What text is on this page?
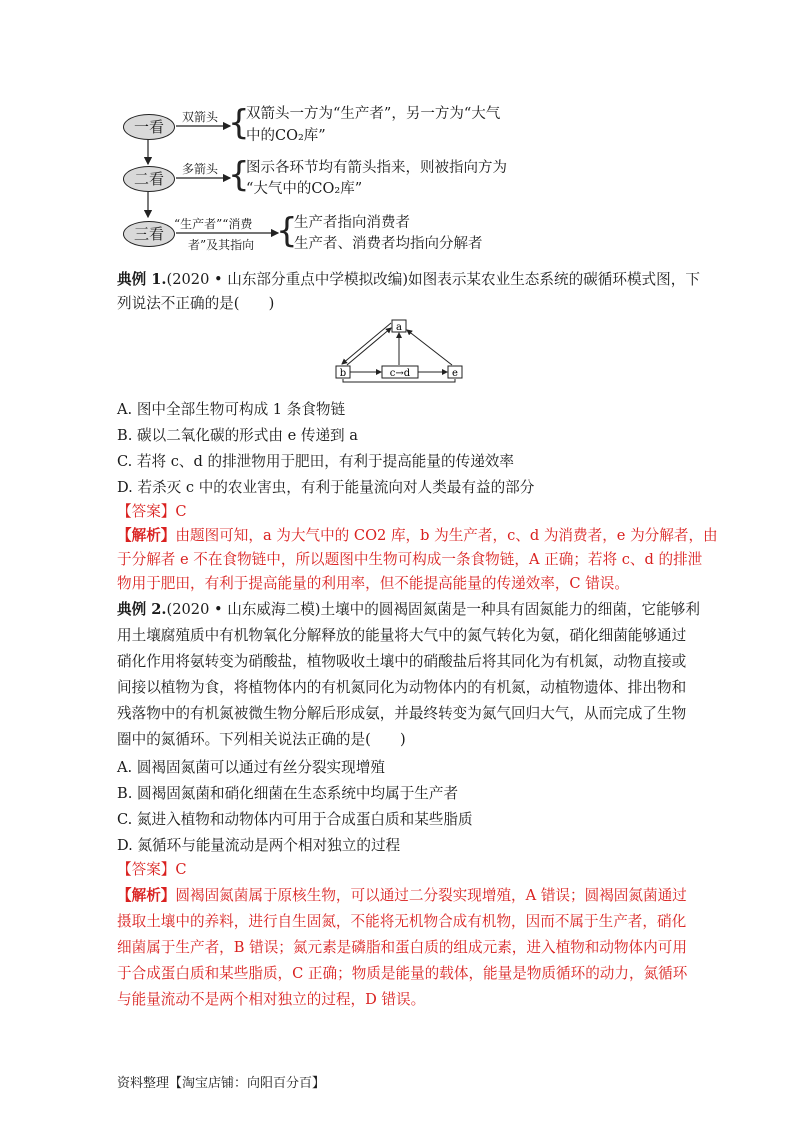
一看
二看
三看
双箭头
多箭头
“生产者”“消费
者”及其指向
{
{
{
双箭头一方为“生产者”，另一方为“大气
中的CO₂库”
图示各环节均有箭头指来，则被指向方为
“大气中的CO₂库”
生产者指向消费者
生产者、消费者均指向分解者
典例 1.(2020 • 山东部分重点中学模拟改编)如图表示某农业生态系统的碳循环模式图，下
列说法不正确的是(　　)
a
b	c→d	e
A. 图中全部生物可构成 1 条食物链
B. 碳以二氧化碳的形式由 e 传递到 a
C. 若将 c、d 的排泄物用于肥田，有利于提高能量的传递效率
D. 若杀灭 c 中的农业害虫，有利于能量流向对人类最有益的部分
【答案】C
【解析】由题图可知，a 为大气中的 CO2 库，b 为生产者，c、d 为消费者，e 为分解者，由
于分解者 e 不在食物链中，所以题图中生物可构成一条食物链，A 正确；若将 c、d 的排泄
物用于肥田，有利于提高能量的利用率，但不能提高能量的传递效率，C 错误。
典例 2.(2020 • 山东威海二模)土壤中的圆褐固氮菌是一种具有固氮能力的细菌，它能够利
用土壤腐殖质中有机物氧化分解释放的能量将大气中的氮气转化为氨，硝化细菌能够通过
硝化作用将氨转变为硝酸盐，植物吸收土壤中的硝酸盐后将其同化为有机氮，动物直接或
间接以植物为食，将植物体内的有机氮同化为动物体内的有机氮，动植物遗体、排出物和
残落物中的有机氮被微生物分解后形成氨，并最终转变为氮气回归大气，从而完成了生物
圈中的氮循环。下列相关说法正确的是(　　)
A. 圆褐固氮菌可以通过有丝分裂实现增殖
B. 圆褐固氮菌和硝化细菌在生态系统中均属于生产者
C. 氮进入植物和动物体内可用于合成蛋白质和某些脂质
D. 氮循环与能量流动是两个相对独立的过程
【答案】C
【解析】圆褐固氮菌属于原核生物，可以通过二分裂实现增殖，A 错误；圆褐固氮菌通过
摄取土壤中的养料，进行自生固氮，不能将无机物合成有机物，因而不属于生产者，硝化
细菌属于生产者，B 错误；氮元素是磷脂和蛋白质的组成元素，进入植物和动物体内可用
于合成蛋白质和某些脂质，C 正确；物质是能量的载体，能量是物质循环的动力，氮循环
与能量流动不是两个相对独立的过程，D 错误。
资料整理【淘宝店铺：向阳百分百】
